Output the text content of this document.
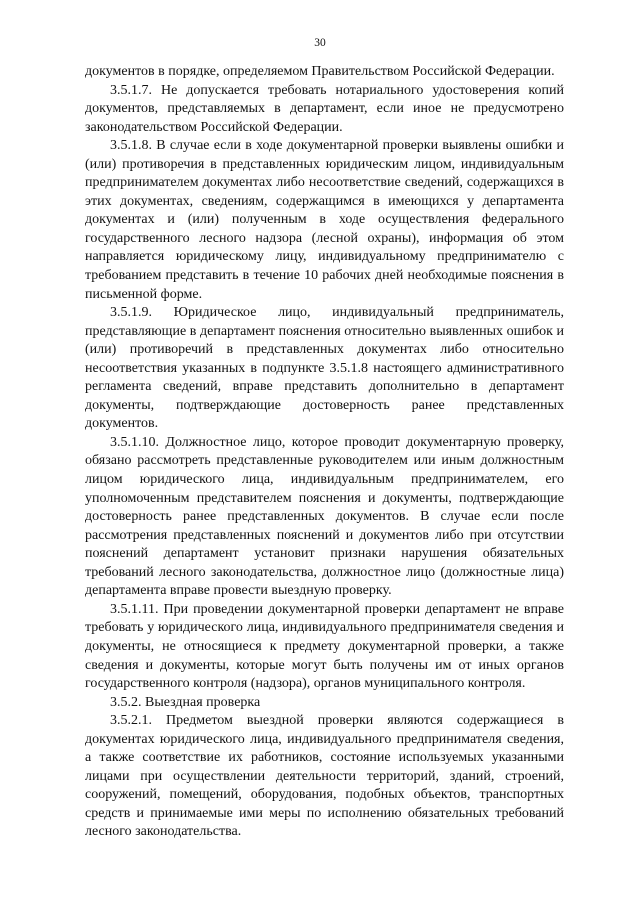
30

документов в порядке, определяемом Правительством Российской Федерации.

3.5.1.7. Не допускается требовать нотариального удостоверения копий документов, представляемых в департамент, если иное не предусмотрено законодательством Российской Федерации.

3.5.1.8. В случае если в ходе документарной проверки выявлены ошибки и (или) противоречия в представленных юридическим лицом, индивидуальным предпринимателем документах либо несоответствие сведений, содержащихся в этих документах, сведениям, содержащимся в имеющихся у департамента документах и (или) полученным в ходе осуществления федерального государственного лесного надзора (лесной охраны), информация об этом направляется юридическому лицу, индивидуальному предпринимателю с требованием представить в течение 10 рабочих дней необходимые пояснения в письменной форме.

3.5.1.9. Юридическое лицо, индивидуальный предприниматель, представляющие в департамент пояснения относительно выявленных ошибок и (или) противоречий в представленных документах либо относительно несоответствия указанных в подпункте 3.5.1.8 настоящего административного регламента сведений, вправе представить дополнительно в департамент документы, подтверждающие достоверность ранее представленных документов.

3.5.1.10. Должностное лицо, которое проводит документарную проверку, обязано рассмотреть представленные руководителем или иным должностным лицом юридического лица, индивидуальным предпринимателем, его уполномоченным представителем пояснения и документы, подтверждающие достоверность ранее представленных документов. В случае если после рассмотрения представленных пояснений и документов либо при отсутствии пояснений департамент установит признаки нарушения обязательных требований лесного законодательства, должностное лицо (должностные лица) департамента вправе провести выездную проверку.

3.5.1.11. При проведении документарной проверки департамент не вправе требовать у юридического лица, индивидуального предпринимателя сведения и документы, не относящиеся к предмету документарной проверки, а также сведения и документы, которые могут быть получены им от иных органов государственного контроля (надзора), органов муниципального контроля.

3.5.2. Выездная проверка

3.5.2.1. Предметом выездной проверки являются содержащиеся в документах юридического лица, индивидуального предпринимателя сведения, а также соответствие их работников, состояние используемых указанными лицами при осуществлении деятельности территорий, зданий, строений, сооружений, помещений, оборудования, подобных объектов, транспортных средств и принимаемые ими меры по исполнению обязательных требований лесного законодательства.
